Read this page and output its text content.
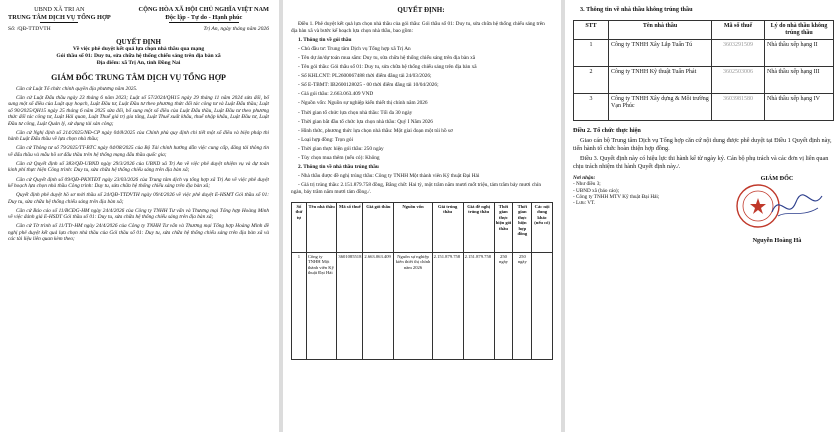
UBND XÃ TRI AN
TRUNG TÂM DỊCH VỤ TỔNG HỢP
CỘNG HÒA XÃ HỘI CHỦ NGHĨA VIỆT NAM
Độc lập - Tự do - Hạnh phúc
Số: /QĐ-TTDVTH	Trị An, ngày tháng năm 2026
QUYẾT ĐỊNH
Về việc phê duyệt kết quả lựa chọn nhà thầu qua mạng
Gói thầu số 01: Duy tu, sửa chữa hệ thống chiếu sáng trên địa bàn xã
Địa điểm: xã Trị An, tỉnh Đồng Nai
GIÁM ĐỐC TRUNG TÂM DỊCH VỤ TỔNG HỢP

Căn cứ Luật Tổ chức chính quyền địa phương năm 2025.

Căn cứ Luật Đấu thầu ngày 23 tháng 6 năm 2023; Luật số 57/2024/QH15 ngày 29 tháng 11 năm 2024 sửa đổi, bổ sung một số điều của Luật quy hoạch, Luật Đầu tư, Luật Đầu tư theo phương thức đối tác công tư và Luật Đấu thầu; Luật số 90/2025/QH15 ngày 25 tháng 6 năm 2025 sửa đổi, bổ sung một số điều của Luật Đấu thầu, Luật Đầu tư theo phương thức đối tác công tư, Luật Hải quan, Luật Thuế giá trị gia tăng, Luật Thuế xuất khẩu, thuế nhập khẩu, Luật Đầu tư, Luật Đầu tư công, Luật Quản lý, sử dụng tài sản công;

Căn cứ Nghị định số 214/2025/NĐ-CP ngày 04/8/2025 của Chính phủ quy định chi tiết một số điều và biện pháp thi hành Luật Đấu thầu về lựa chọn nhà thầu;

Căn cứ Thông tư số 79/2025/TT-BTC ngày 04/08/2025 của Bộ Tài chính hướng dẫn việc cung cấp, đăng tải thông tin về đấu thầu và mẫu hồ sơ đấu thầu trên hệ thống mạng đấu thầu quốc gia;

Căn cứ Quyết định số 383/QĐ-UBND ngày 29/3/2026 của UBND xã Trị An về việc phê duyệt nhiệm vụ và dự toán kinh phí thực hiện Công trình: Duy tu, sửa chữa hệ thống chiếu sáng trên địa bàn xã;

Căn cứ Quyết định số 09/QĐ-PKNTĐT ngày 23/03/2026 của Trung tâm dịch vụ tổng hợp xã Trị An về việc phê duyệt kế hoạch lựa chọn nhà thầu Công trình: Duy tu, sửa chữa hệ thống chiếu sáng trên địa bàn xã;

Quyết định phê duyệt hồ sơ mời thầu số 24/QĐ-TTDVTH ngày 09/4/2026 về việc phê duyệt E-HSMT Gói thầu số 01: Duy tu, sửa chữa hệ thống chiếu sáng trên địa bàn xã;

Căn cứ Báo cáo số 11/BCĐG-HM ngày 24/4/2026 của Công ty TNHH Tư vấn và Thương mại Tổng hợp Hoàng Minh về việc đánh giá E-HSDT Gói thầu số 01: Duy tu, sửa chữa hệ thống chiếu sáng trên địa bàn xã;

Căn cứ Tờ trình số 11/TTr-HM ngày 24/4/2026 của Công ty TNHH Tư vấn và Thương mại Tổng hợp Hoàng Minh đề nghị phê duyệt kết quả lựa chọn nhà thầu của Gói thầu số 01: Duy tu, sửa chữa hệ thống chiếu sáng trên địa bàn xã và các tài liệu liên quan kèm theo;

QUYẾT ĐỊNH:

Điều 1. Phê duyệt kết quả lựa chọn nhà thầu của gói thầu: Gói thầu số 01: Duy tu, sửa chữa hệ thống chiếu sáng trên địa bàn xã và bước kế hoạch lựa chọn nhà thầu, bao gồm:

1. Thông tin về gói thầu

- Chủ đầu tư: Trung tâm Dịch vụ Tổng hợp xã Trị An

- Tên dự án/dự toán mua sắm: Duy tu, sửa chữa hệ thống chiếu sáng trên địa bàn xã

- Tên gói thầu: Gói thầu số 01: Duy tu, sửa chữa hệ thống chiếu sáng trên địa bàn xã

- Số KHLCNT: PL2600067488 thời điểm đăng tải 24/03/2026;

- Số E-TBMT: IB2600128025 - 00 thời điểm đăng tải 10/04/2026;

- Giá gói thầu: 2.663.063.409 VND

- Nguồn vốn: Nguồn sự nghiệp kiến thiết thị chính năm 2026

- Thời gian tổ chức lựa chọn nhà thầu: Tối đa 30 ngày

- Thời gian bắt đầu tổ chức lựa chọn nhà thầu: Quý I Năm 2026

- Hình thức, phương thức lựa chọn nhà thầu: Một giai đoạn một túi hồ sơ

- Loại hợp đồng: Trọn gói

- Thời gian thực hiện gói thầu: 250 ngày

- Tùy chọn mua thêm (nếu có): Không

2. Thông tin về nhà thầu trúng thầu

- Nhà thầu được đề nghị trúng thầu: Công ty TNHH Một thành viên Kỹ thuật Đại Hải

- Giá trị trúng thầu: 2.151.879.758 đồng, Bằng chữ: Hai tỷ, một trăm năm mươi mốt triệu, tám trăm bảy mươi chín ngàn, bảy trăm năm mươi tám đồng./.

Số thứ tự	Tên nhà thầu	Mã số thuế	Giá gói thầu	Nguồn vốn	Giá trúng thầu	Giá đề nghị trúng thầu	Thời gian thực hiện gói thầu	Thời gian thực hiện hợp đồng	Các nội dung khác (nếu có)
1	Công ty TNHH Một thành viên Kỹ thuật Đại Hải	3601085518	2.663.063.409	Nguồn sự nghiệp kiến thiết thị chính năm 2026	2.151.879.758	2.151.879.758	250 ngày	250 ngày	

3. Thông tin về nhà thầu không trúng thầu

STT	Tên nhà thầu	Mã số thuế	Lý do nhà thầu không trúng thầu
1	Công ty TNHH Xây Lắp Tuấn Tú	3603291509	Nhà thầu xếp hạng II
2	Công ty TNHH Kỹ thuật Tuấn Phát	3602503006	Nhà thầu xếp hạng III
3	Công ty TNHH Xây dựng & Môi trường Vạn Phúc	3603981580	Nhà thầu xếp hạng IV

Điều 2. Tổ chức thực hiện

Giao cán bộ Trung tâm Dịch vụ Tổng hợp căn cứ nội dung được phê duyệt tại Điều 1 Quyết định này, tiến hành tổ chức hoàn thiện hợp đồng.

Điều 3. Quyết định này có hiệu lực thi hành kể từ ngày ký. Cán bộ phụ trách và các đơn vị liên quan chịu trách nhiệm thi hành Quyết định này./.

Nơi nhận:
- Như điều 3;
- UBND xã (báo cáo);
- Công ty TNHH MTV Kỹ thuật Đại Hải;
- Lưu: VT.
GIÁM ĐỐC
Nguyễn Hoàng Hà
